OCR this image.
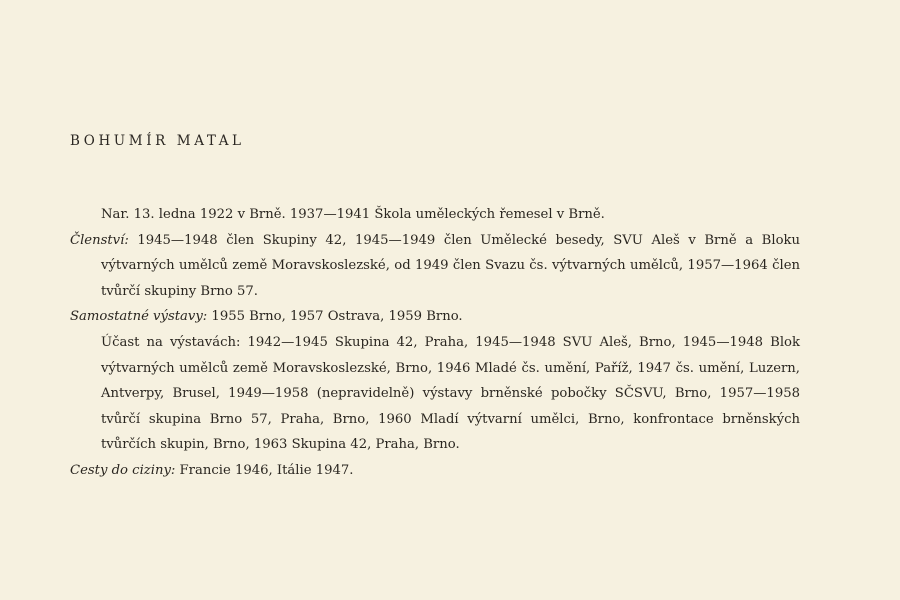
BOHUMÍR MATAL

Nar. 13. ledna 1922 v Brně. 1937—1941 Škola uměleckých řemesel v Brně.

Členství: 1945—1948 člen Skupiny 42, 1945—1949 člen Umělecké besedy, SVU Aleš v Brně a Bloku výtvarných umělců země Moravskoslezské, od 1949 člen Svazu čs. výtvarných umělců, 1957—1964 člen tvůrčí skupiny Brno 57.

Samostatné výstavy: 1955 Brno, 1957 Ostrava, 1959 Brno.

Účast na výstavách: 1942—1945 Skupina 42, Praha, 1945—1948 SVU Aleš, Brno, 1945—1948 Blok výtvarných umělců země Moravskoslezské, Brno, 1946 Mladé čs. umění, Paříž, 1947 čs. umění, Luzern, Antverpy, Brusel, 1949—1958 (nepravidelně) výstavy brněnské pobočky SČSVU, Brno, 1957—1958 tvůrčí skupina Brno 57, Praha, Brno, 1960 Mladí výtvarní umělci, Brno, konfrontace brněnských tvůrčích skupin, Brno, 1963 Skupina 42, Praha, Brno.

Cesty do ciziny: Francie 1946, Itálie 1947.
